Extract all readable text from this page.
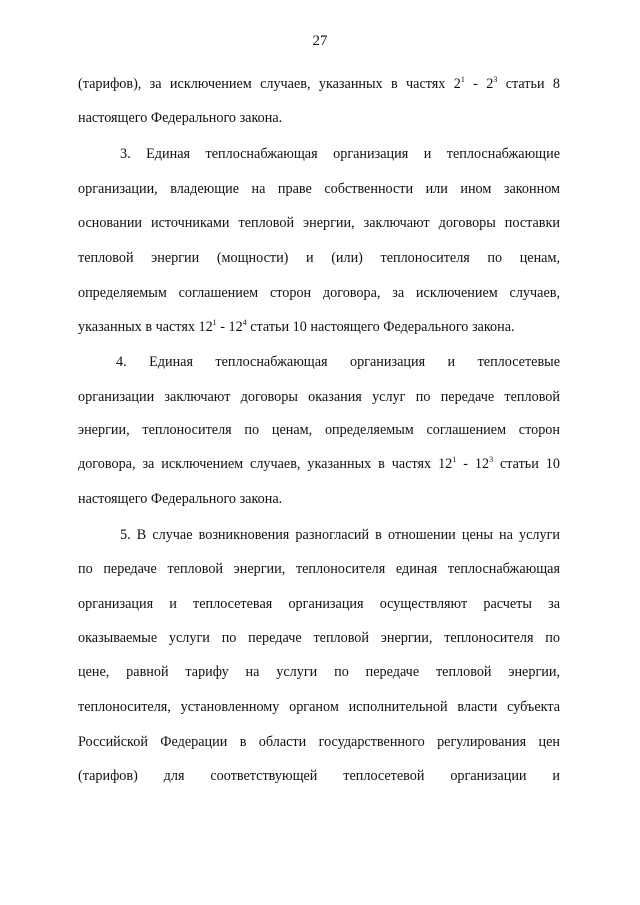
27
(тарифов), за исключением случаев, указанных в частях $2^1 - 2^3$ статьи 8
настоящего Федерального закона.
3. Единая теплоснабжающая организация и теплоснабжающие
организации, владеющие на праве собственности или ином законном
основании источниками тепловой энергии, заключают договоры поставки
тепловой энергии (мощности) и (или) теплоносителя по ценам,
определяемым соглашением сторон договора, за исключением случаев,
указанных в частях $12^1 - 12^4$ статьи 10 настоящего Федерального закона.
4. Единая теплоснабжающая организация и теплосетевые
организации заключают договоры оказания услуг по передаче тепловой
энергии, теплоносителя по ценам, определяемым соглашением сторон
договора, за исключением случаев, указанных в частях $12^1 - 12^3$ статьи 10
настоящего Федерального закона.
5. В случае возникновения разногласий в отношении цены на услуги
по передаче тепловой энергии, теплоносителя единая теплоснабжающая
организация и теплосетевая организация осуществляют расчеты за
оказываемые услуги по передаче тепловой энергии, теплоносителя по
цене, равной тарифу на услуги по передаче тепловой энергии,
теплоносителя, установленному органом исполнительной власти субъекта
Российской Федерации в области государственного регулирования цен
(тарифов) для соответствующей теплосетевой организации и
